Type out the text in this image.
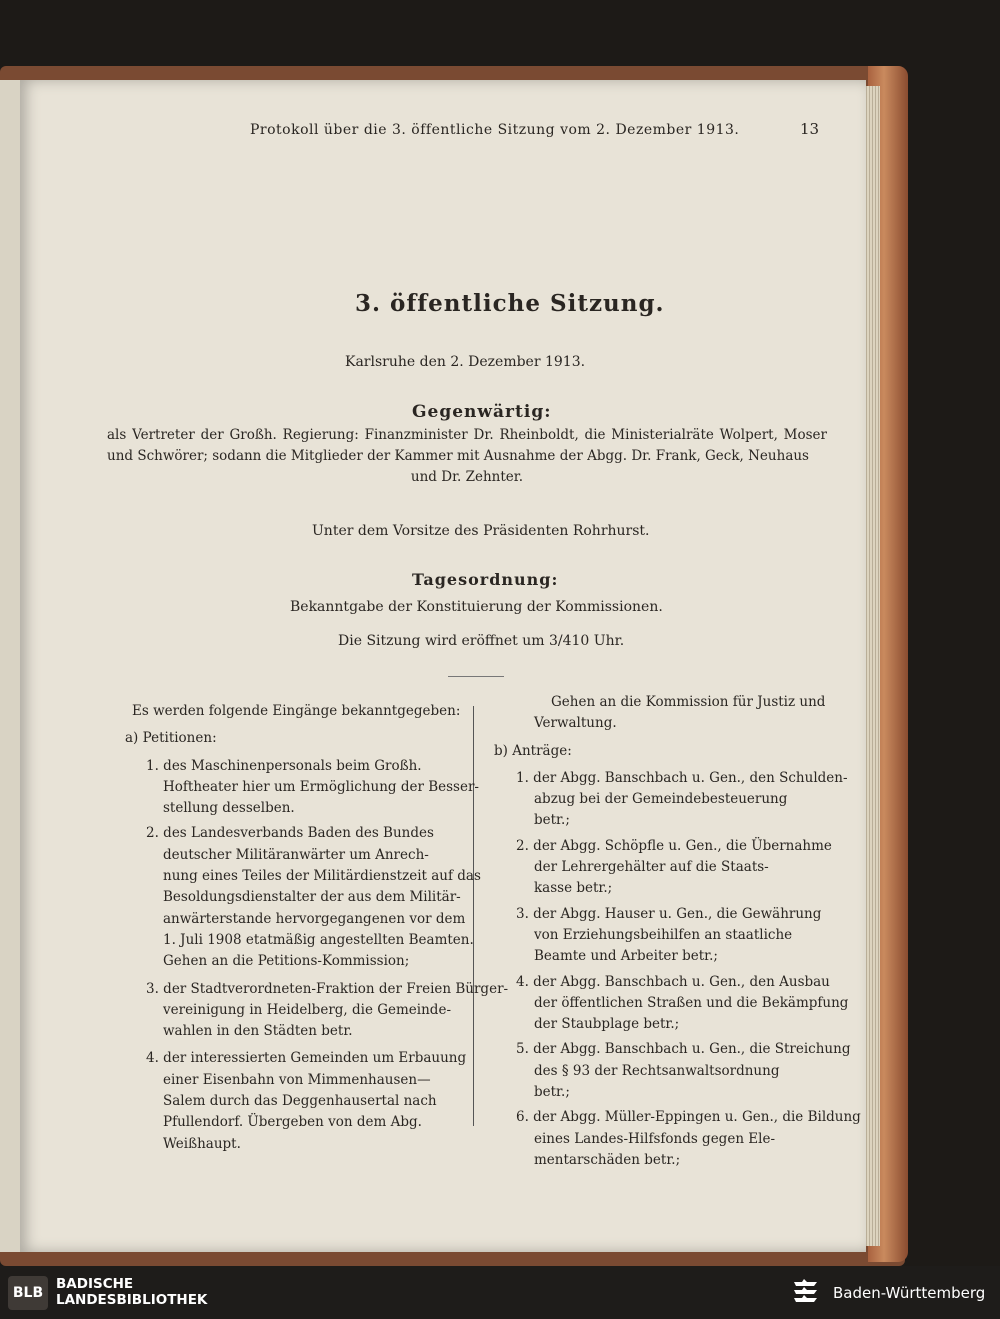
Protokoll über die 3. öffentliche Sitzung vom 2. Dezember 1913.	13
3. öffentliche Sitzung.
Karlsruhe den 2. Dezember 1913.
Gegenwärtig:
als Vertreter der Großh. Regierung: Finanzminister Dr. Rheinboldt, die Ministerialräte Wolpert, Moser und Schwörer; sodann die Mitglieder der Kammer mit Ausnahme der Abgg. Dr. Frank, Geck, Neuhaus
und Dr. Zehnter.
Unter dem Vorsitze des Präsidenten Rohrhurst.
Tagesordnung:
Bekanntgabe der Konstituierung der Kommissionen.
Die Sitzung wird eröffnet um 3/410 Uhr.

Es werden folgende Eingänge bekanntgegeben:

a) Petitionen:

1. des Maschinenpersonals beim Großh.

Hoftheater hier um Ermöglichung der Besser-

stellung desselben.

2. des Landesverbands Baden des Bundes

deutscher Militäranwärter um Anrech-

nung eines Teiles der Militärdienstzeit auf das

Besoldungsdienstalter der aus dem Militär-

anwärterstande hervorgegangenen vor dem

1. Juli 1908 etatmäßig angestellten Beamten.

Gehen an die Petitions-Kommission;

3. der Stadtverordneten-Fraktion der Freien Bürger-

vereinigung in Heidelberg, die Gemeinde-

wahlen in den Städten betr.

4. der interessierten Gemeinden um Erbauung

einer Eisenbahn von Mimmenhausen—

Salem durch das Deggenhausertal nach

Pfullendorf. Übergeben von dem Abg.

Weißhaupt.

Gehen an die Kommission für Justiz und

Verwaltung.

b) Anträge:

1. der Abgg. Banschbach u. Gen., den Schulden-

abzug bei der Gemeindebesteuerung

betr.;

2. der Abgg. Schöpfle u. Gen., die Übernahme

der Lehrergehälter auf die Staats-

kasse betr.;

3. der Abgg. Hauser u. Gen., die Gewährung

von Erziehungsbeihilfen an staatliche

Beamte und Arbeiter betr.;

4. der Abgg. Banschbach u. Gen., den Ausbau

der öffentlichen Straßen und die Bekämpfung

der Staubplage betr.;

5. der Abgg. Banschbach u. Gen., die Streichung

des § 93 der Rechtsanwaltsordnung

betr.;

6. der Abgg. Müller-Eppingen u. Gen., die Bildung

eines Landes-Hilfsfonds gegen Ele-

mentarschäden betr.;

BLB
BADISCHE
LANDESBIBLIOTHEK	Baden-Württemberg
